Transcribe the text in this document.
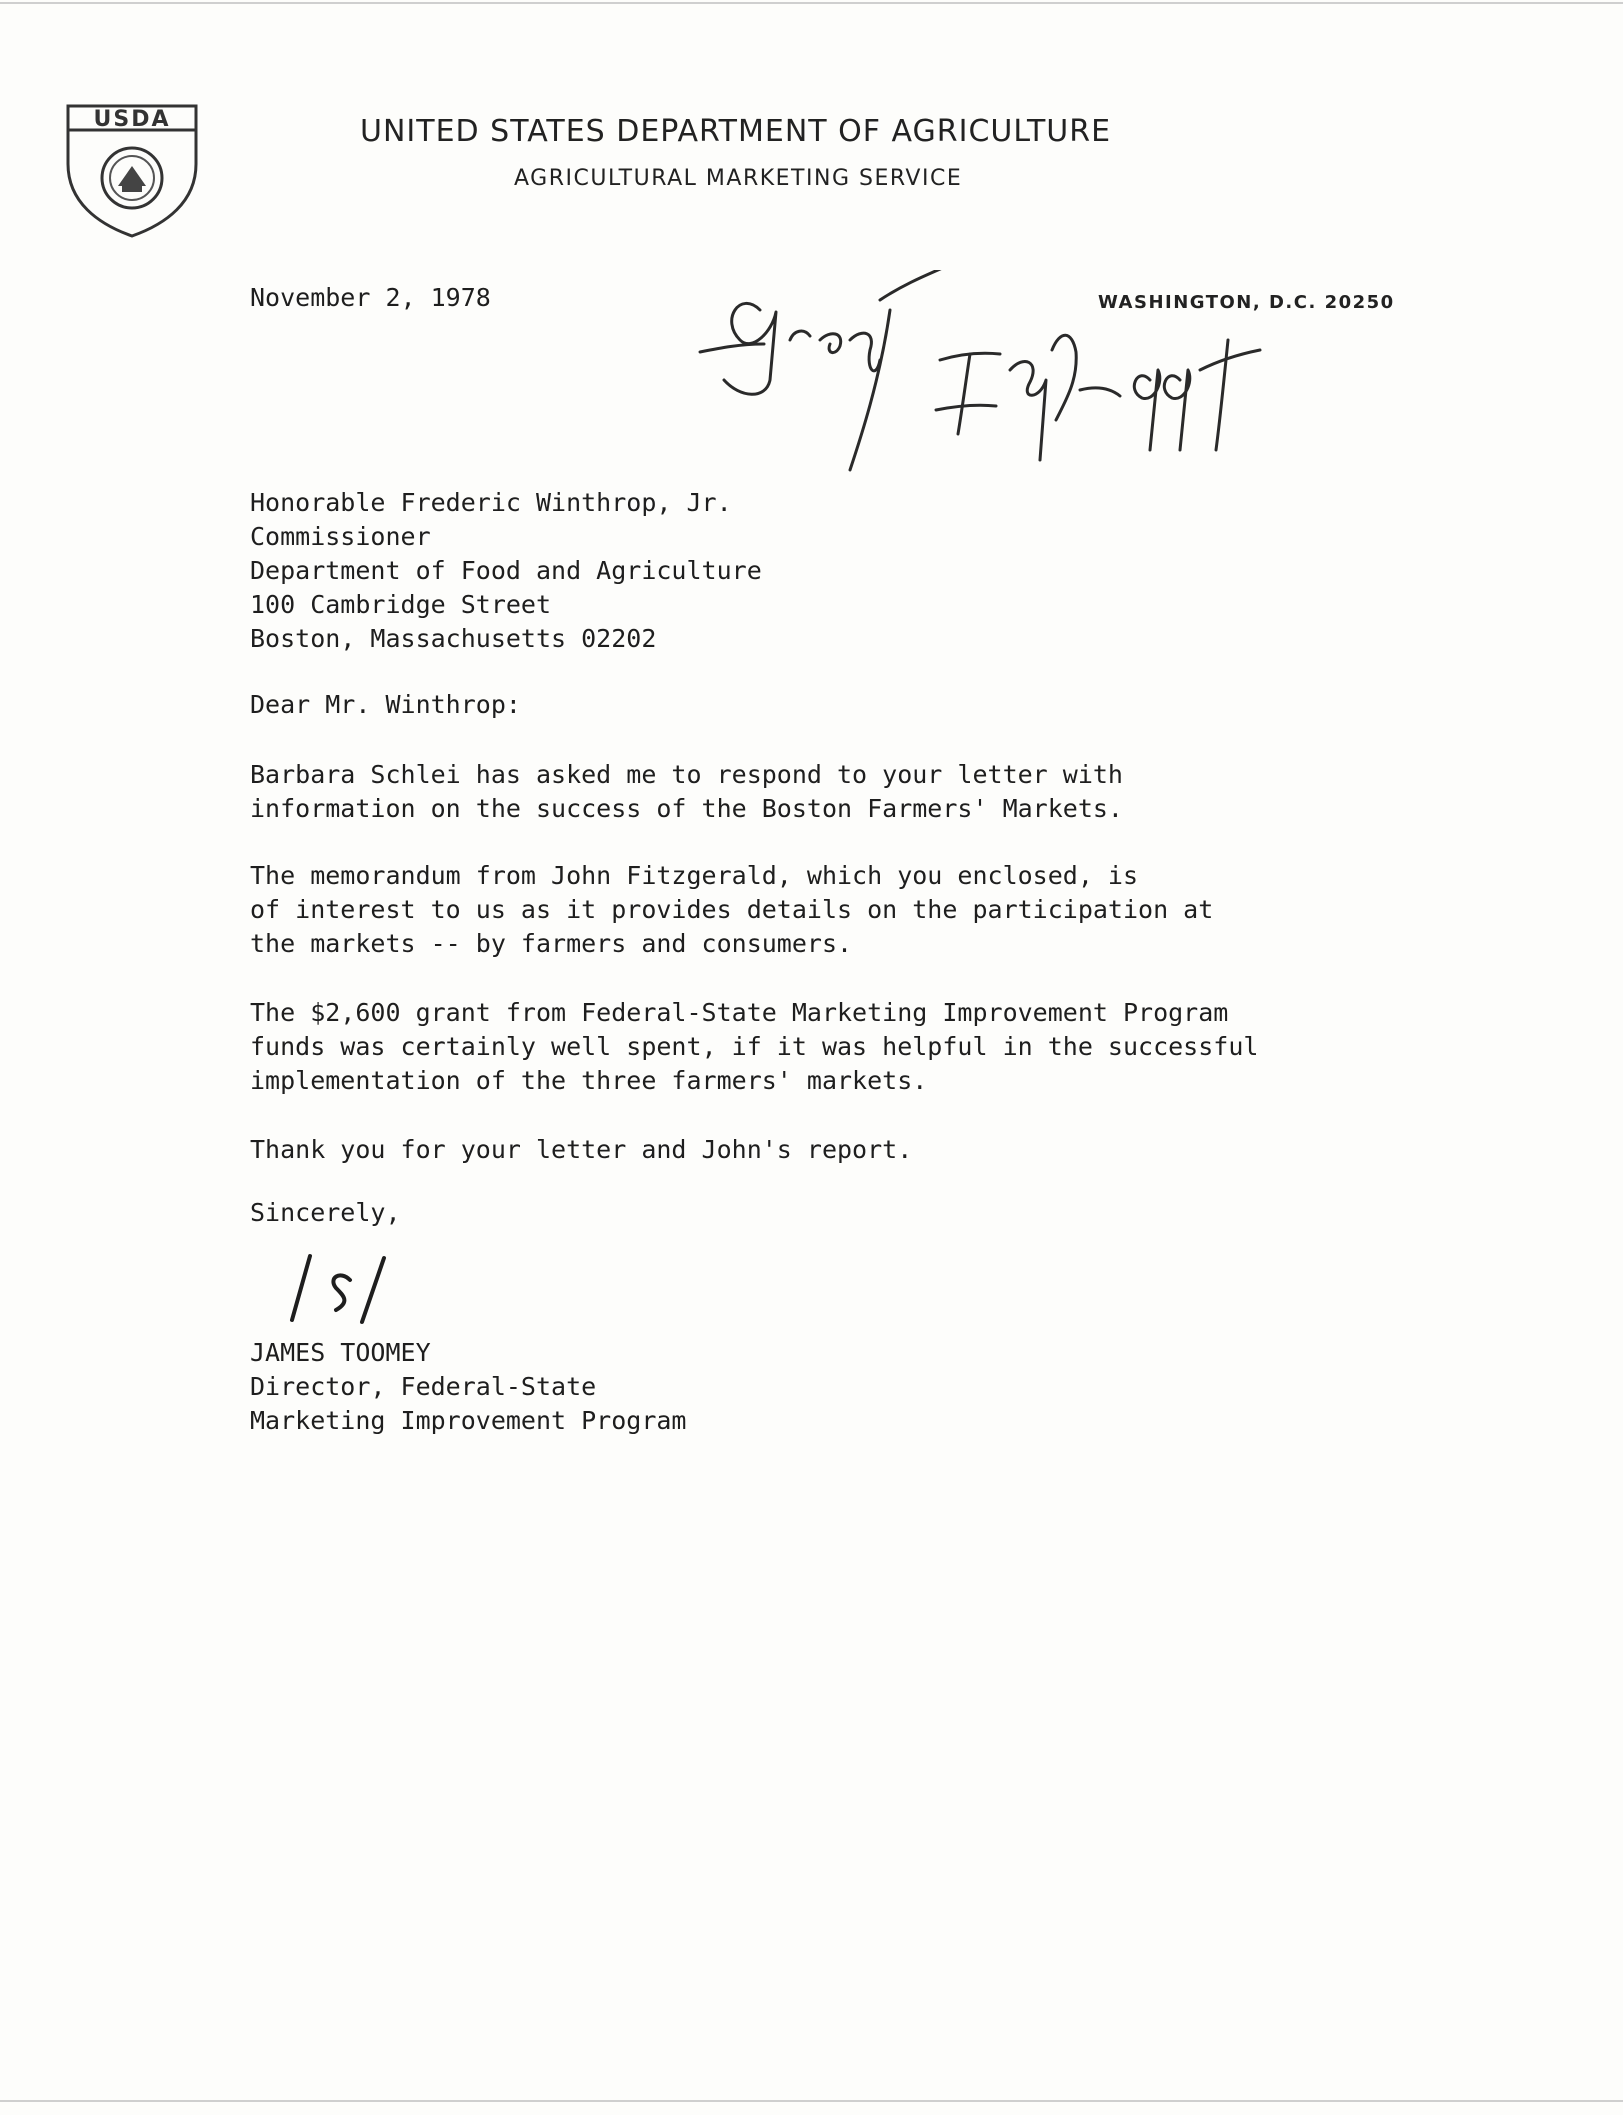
USDA	UNITED STATES DEPARTMENT OF AGRICULTURE
AGRICULTURAL MARKETING SERVICE
November 2, 1978	WASHINGTON, D.C. 20250
Honorable Frederic Winthrop, Jr.
Commissioner
Department of Food and Agriculture
100 Cambridge Street
Boston, Massachusetts 02202
Dear Mr. Winthrop:
Barbara Schlei has asked me to respond to your letter with
information on the success of the Boston Farmers' Markets.
The memorandum from John Fitzgerald, which you enclosed, is
of interest to us as it provides details on the participation at
the markets -- by farmers and consumers.
The $2,600 grant from Federal-State Marketing Improvement Program
funds was certainly well spent, if it was helpful in the successful
implementation of the three farmers' markets.
Thank you for your letter and John's report.
Sincerely,
JAMES TOOMEY
Director, Federal-State
Marketing Improvement Program
